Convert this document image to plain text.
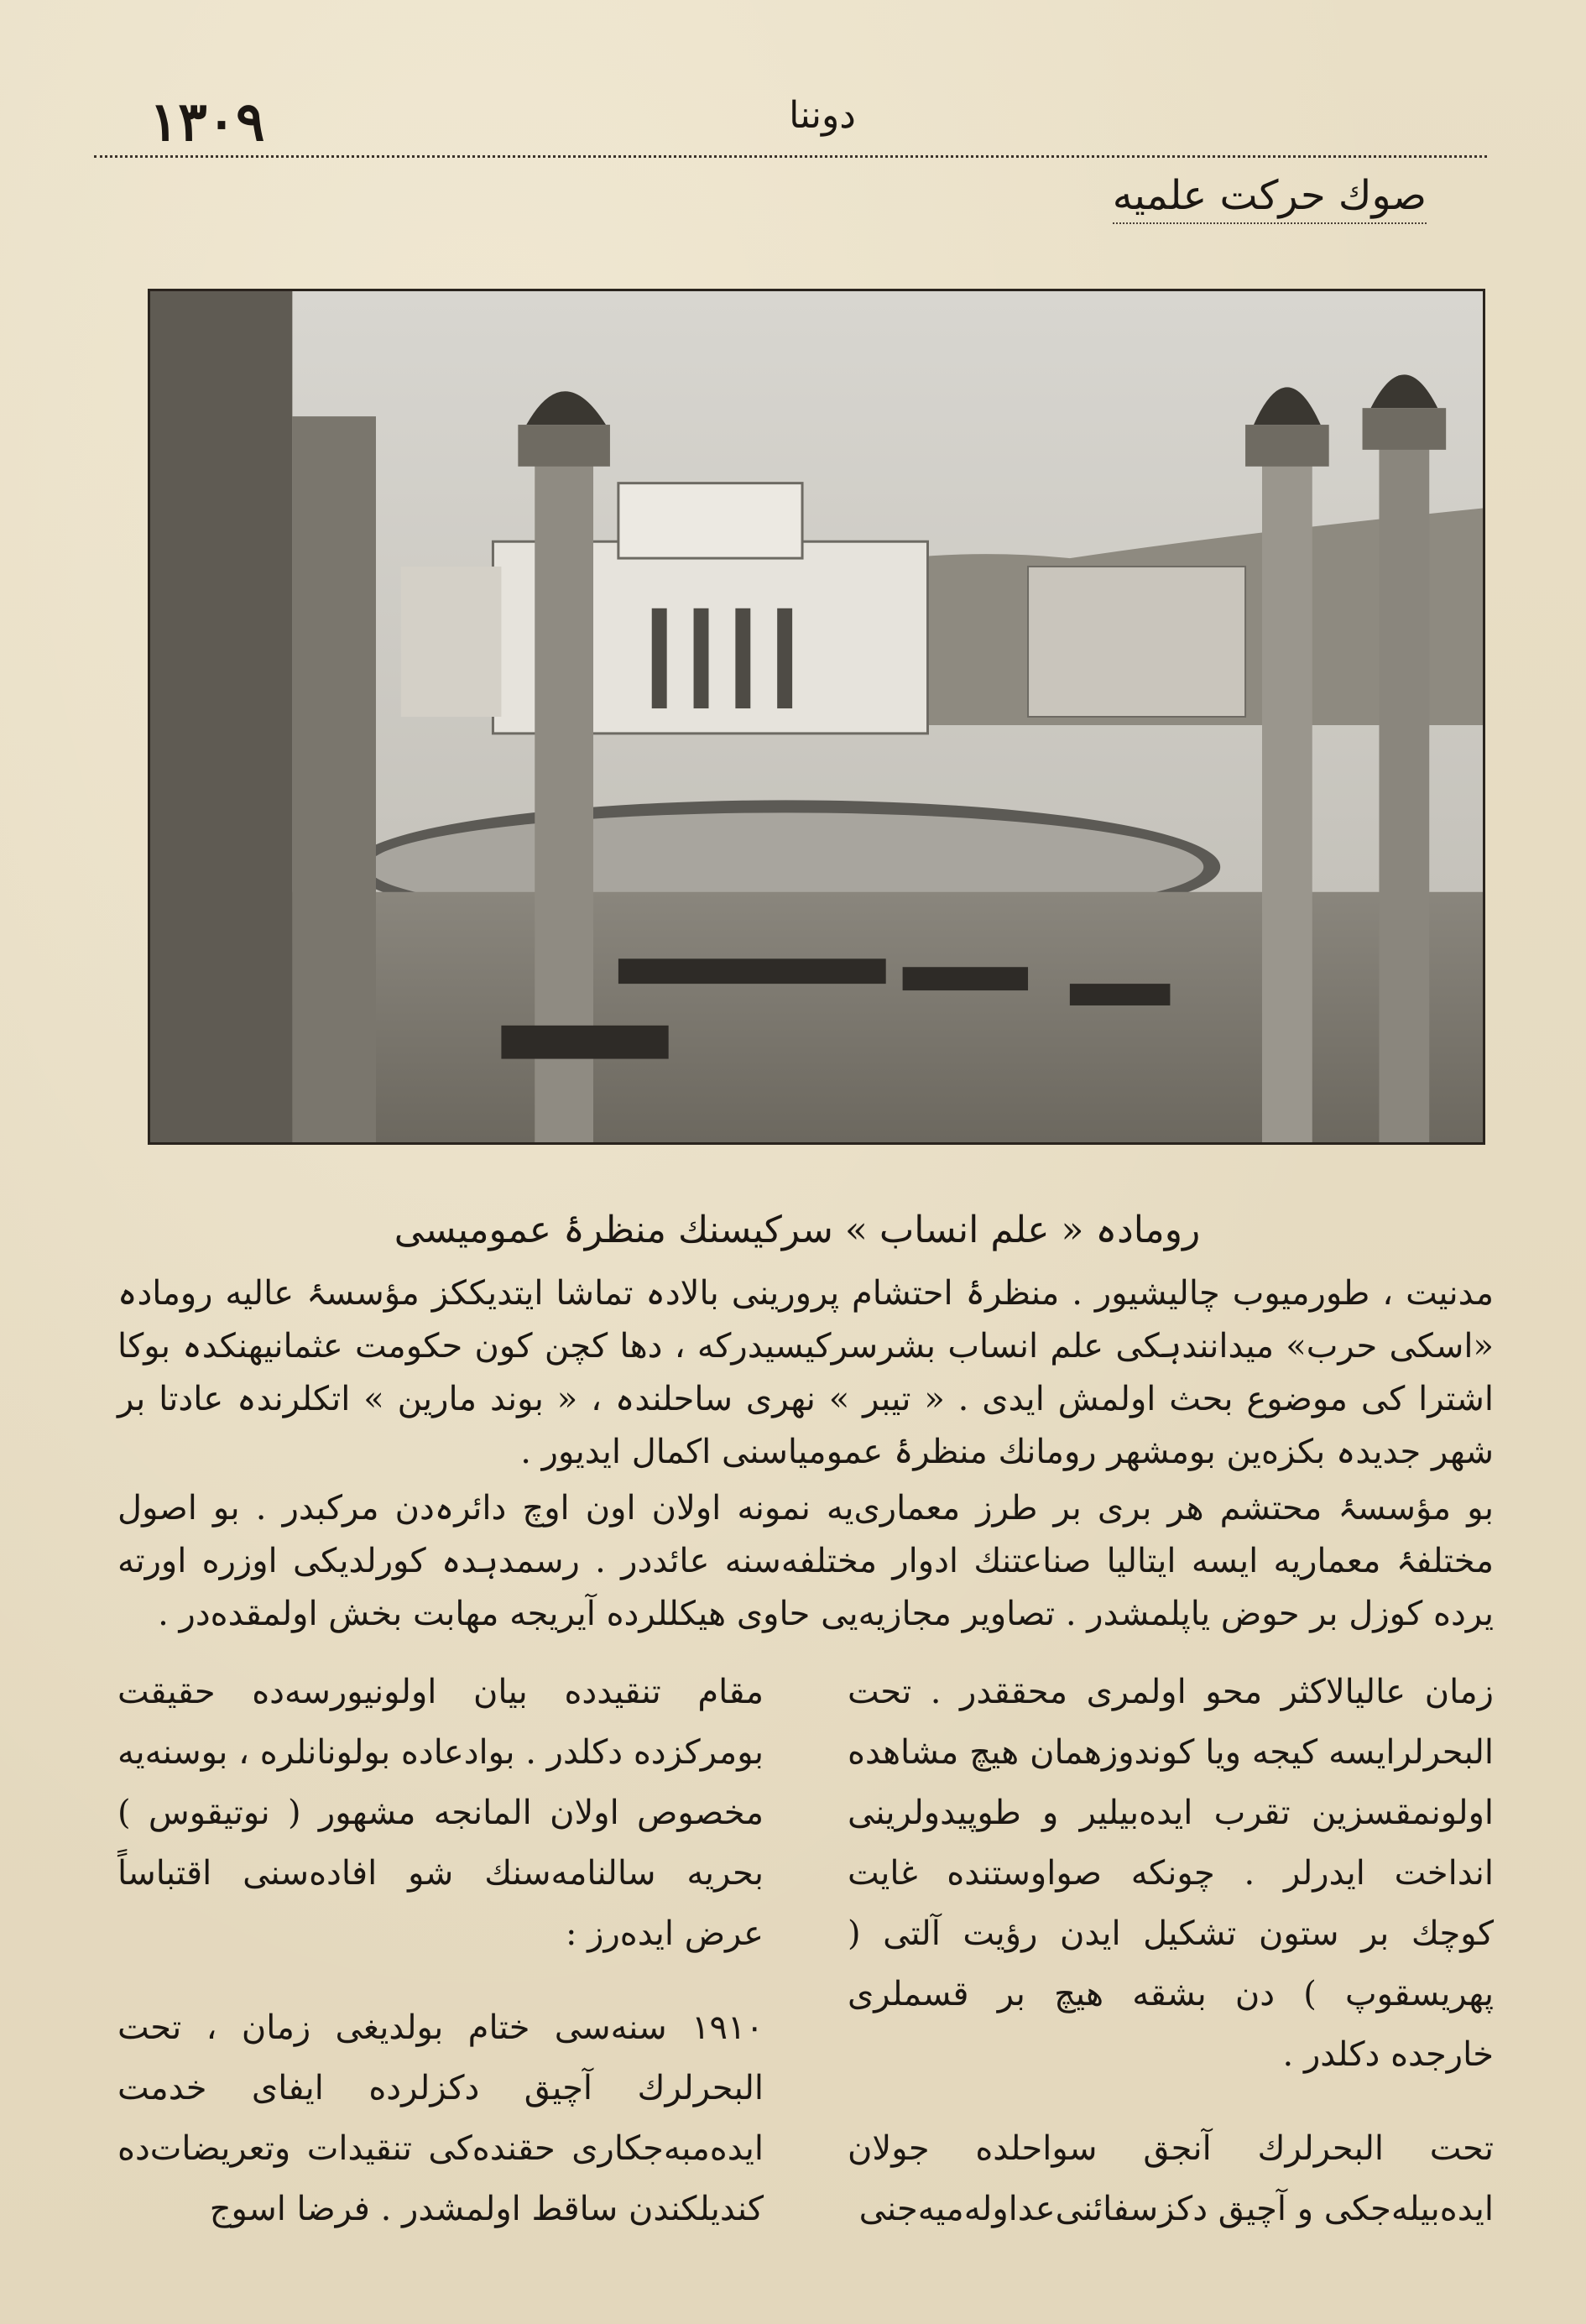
١٣٠٩	دوننا
صوك حركت علميه
رومادہ « علم انساب » سرکیسنك منظرۂ عمومیسی

مدنیت ، طورمیوب چالیشیور . منظرۂ احتشام پرورینی بالادہ تماشا ایتدیککز مؤسسۂ عالیه رومادہ «اسکی حرب» میدانندہکی علم انساب بشرسرکیسیدرکه ، دها کچن کون حکومت عثمانیهنكدہ بوكا اشترا كی موضوع بحث اولمش ایدی . « تیبر » نهری ساحلندہ ، « بوند مارین » اتکلرندہ عادتا بر شهر جدیدہ بکزه‌ین بومشهر رومانك منظرۂ عمومیاسنی اکمال ایدیور .

بو مؤسسۂ محتشم هر بری بر طرز معماری‌یه نمونه اولان اون اوچ دائرہ‌دن مرکبدر . بو اصول مختلفۂ معماریه ایسه ایتالیا صناعتنك ادوار مختلفه‌سنه عائددر . رسمدہدہ کورلدیکی اوزره اورته یرده کوزل بر حوض یاپلمشدر . تصاویر مجازیه‌یی حاوی هیکللرده آیریجه مهابت بخش اولمقده‌در .

زمان عالیالاکثر محو اولمری محققدر . تحت البحرلرایسه کیجه ویا کوندوزهمان هیچ مشاهده اولونمقسزین تقرب ایده‌بیلیر و طوپیدولرینی انداخت ایدرلر . چونکه صواوستنده غایت کوچك بر ستون تشکیل ایدن رؤیت آلتی ( پهریسقوپ ) دن بشقه هیچ بر قسملری خارجده دکلدر .

تحت البحرلرك آنجق سواحلده جولان ایده‌بیله‌جکی و آچیق دکزسفائنی‌عداوله‌میه‌جنی

مقام تنقیدده بیان اولونیورسه‌ده حقیقت بومرکزده دکلدر . بوادعاده بولونانلره ، بوسنه‌یه مخصوص اولان المانجه مشهور ( نوتیقوس ) بحریه سالنامه‌سنك شو افاده‌سنی اقتباساً عرض ایده‌رز :

١٩١٠ سنه‌سی ختام بولدیغی زمان ، تحت البحرلرك آچیق دکزلرده ایفای خدمت ایده‌مبه‌جکاری حقنده‌کی تنقیدات وتعریضات‌ده کندیلکندن ساقط اولمشدر . فرضا اسوج
